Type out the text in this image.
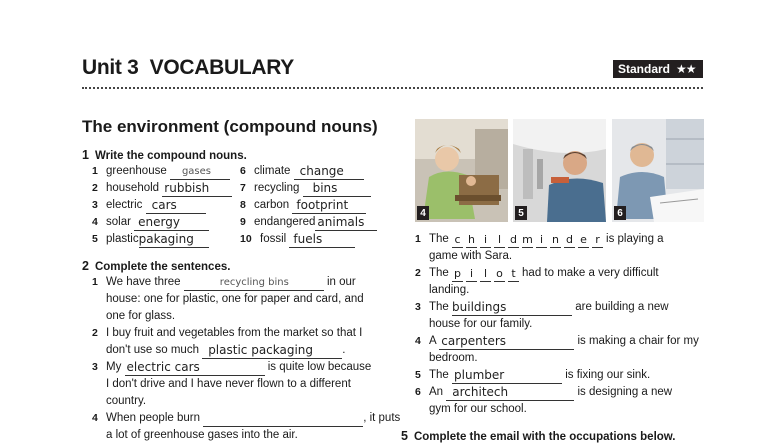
Unit 3 VOCABULARY	Standard ★★
The environment (compound nouns)
1 Write the compound nouns.
1 greenhouse gases
2 household rubbish
3 electric cars
4 solar energy
5 plastic pakaging
6 climate change
7 recycling bins
8 carbon footprint
9 endangered animals
10 fossil fuels
2 Complete the sentences.
1 We have three	recycling bins	in our
house: one for plastic, one for paper and card, and
one for glass.
2 I buy fruit and vegetables from the market so that I
don't use so much plastic packaging	.
3 My electric cars	is quite low because
I don't drive and I have never flown to a different
country.
4 When people burn	, it puts
a lot of greenhouse gases into the air.
4	5	6
1 The c h i l d m i n d e r is playing a
game with Sara.
2 The p i l o t had to make a very difficult
landing.
3 The buildings	are building a new
house for our family.
4 A carpenters	is making a chair for my
bedroom.
5 The plumber	is fixing our sink.
6 An architech	is designing a new
gym for our school.
5 Complete the email with the occupations below.
